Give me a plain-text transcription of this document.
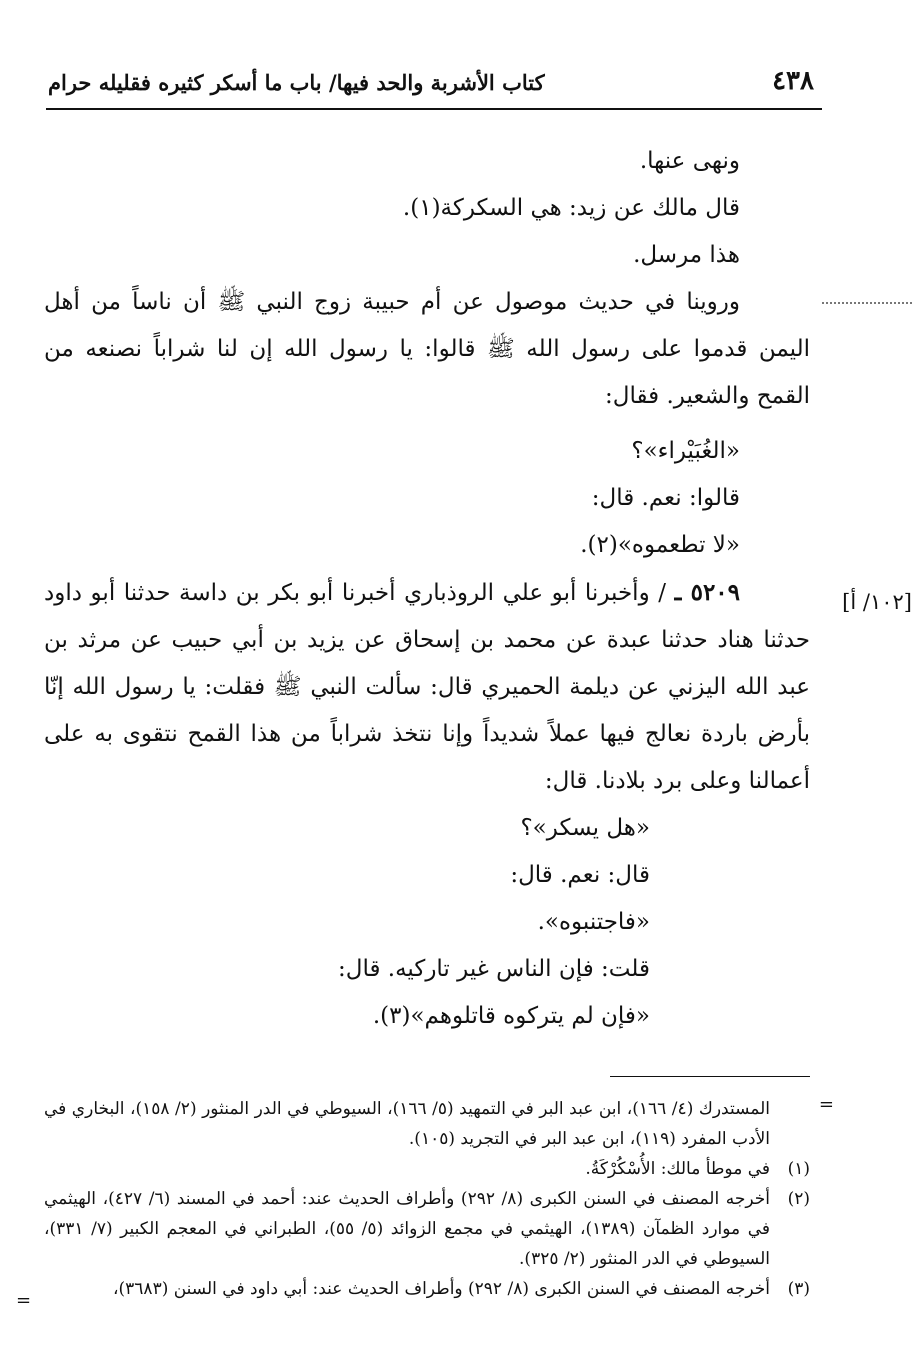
٤٣٨
كتاب الأشربة والحد فيها/ باب ما أسكر كثيره فقليله حرام
[١٠٢/ أ]

ونهى عنها.

قال مالك عن زيد: هي السكركة(١).

هذا مرسل.

وروينا في حديث موصول عن أم حبيبة زوج النبي ﷺ أن ناساً من أهل اليمن قدموا على رسول الله ﷺ قالوا: يا رسول الله إن لنا شراباً نصنعه من القمح والشعير. فقال:

«الغُبَيْراء»؟

قالوا: نعم. قال:

«لا تطعموه»(٢).

٥٢٠٩ ـ / وأخبرنا أبو علي الروذباري أخبرنا أبو بكر بن داسة حدثنا أبو داود حدثنا هناد حدثنا عبدة عن محمد بن إسحاق عن يزيد بن أبي حبيب عن مرثد بن عبد الله اليزني عن ديلمة الحميري قال: سألت النبي ﷺ فقلت: يا رسول الله إنّا بأرض باردة نعالج فيها عملاً شديداً وإنا نتخذ شراباً من هذا القمح نتقوى به على أعمالنا وعلى برد بلادنا. قال:

«هل يسكر»؟

قال: نعم. قال:

«فاجتنبوه».

قلت: فإن الناس غير تاركيه. قال:

«فإن لم يتركوه قاتلوهم»(٣).

=

المستدرك (٤/ ١٦٦)، ابن عبد البر في التمهيد (٥/ ١٦٦)، السيوطي في الدر المنثور (٢/ ١٥٨)، البخاري في الأدب المفرد (١١٩)، ابن عبد البر في التجريد (١٠٥).

(١)
في موطأ مالك: الأُسْكُرْكَةُ.

(٢)
أخرجه المصنف في السنن الكبرى (٨/ ٢٩٢) وأطراف الحديث عند: أحمد في المسند (٦/ ٤٢٧)، الهيثمي في موارد الظمآن (١٣٨٩)، الهيثمي في مجمع الزوائد (٥/ ٥٥)، الطبراني في المعجم الكبير (٧/ ٣٣١)، السيوطي في الدر المنثور (٢/ ٣٢٥).

(٣)
أخرجه المصنف في السنن الكبرى (٨/ ٢٩٢) وأطراف الحديث عند: أبي داود في السنن (٣٦٨٣)،

=
